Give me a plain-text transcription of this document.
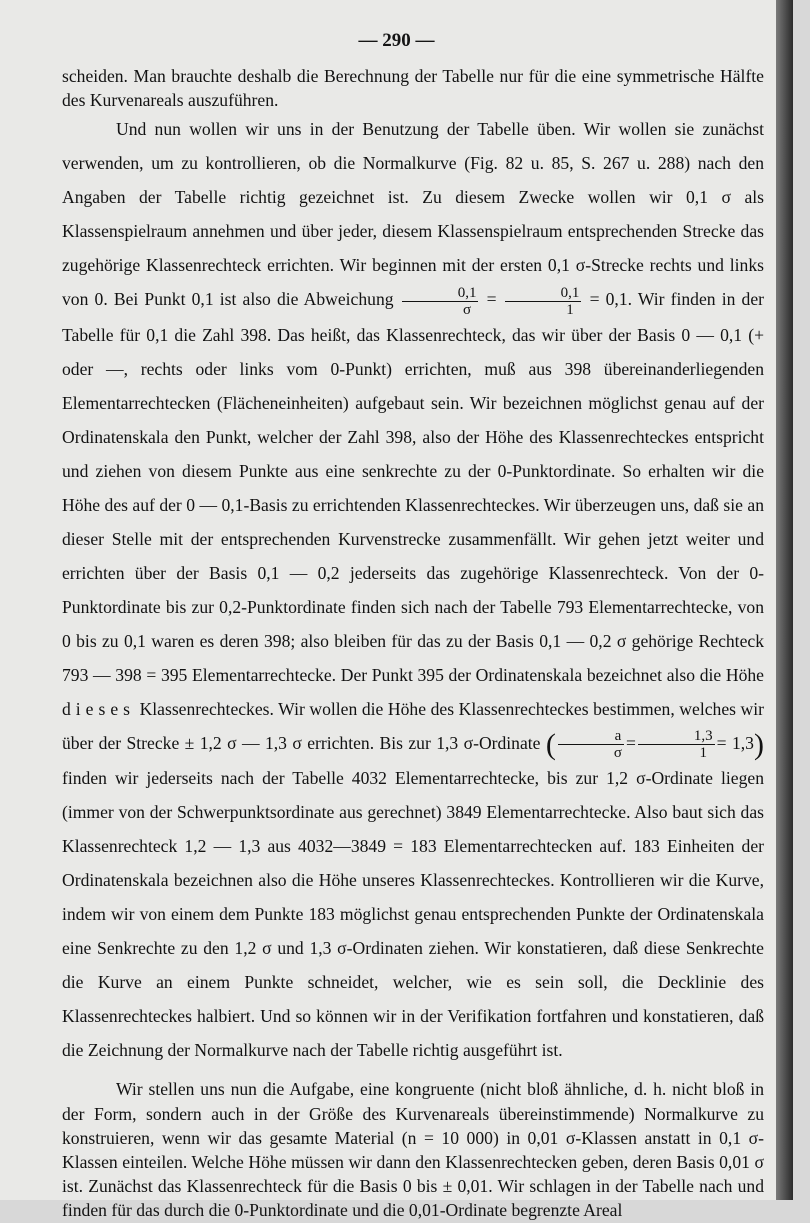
— 290 —

scheiden. Man brauchte deshalb die Berechnung der Tabelle nur für die eine symmetrische Hälfte des Kurvenareals auszuführen.

Und nun wollen wir uns in der Benutzung der Tabelle üben. Wir wollen sie zunächst verwenden, um zu kontrollieren, ob die Normalkurve (Fig. 82 u. 85, S. 267 u. 288) nach den Angaben der Tabelle richtig gezeichnet ist. Zu diesem Zwecke wollen wir 0,1 σ als Klassenspielraum annehmen und über jeder, diesem Klassenspielraum entsprechenden Strecke das zugehörige Klassenrechteck errichten. Wir beginnen mit der ersten 0,1 σ-Strecke rechts und links von 0. Bei Punkt 0,1 ist also die Abweichung $\frac{0,1}{\sigma} = \frac{0,1}{1} = 0,1$. Wir finden in der Tabelle für 0,1 die Zahl 398. Das heißt, das Klassenrechteck, das wir über der Basis 0 — 0,1 (+ oder —, rechts oder links vom 0-Punkt) errichten, muß aus 398 übereinanderliegenden Elementarrechtecken (Flächeneinheiten) aufgebaut sein. Wir bezeichnen möglichst genau auf der Ordinatenskala den Punkt, welcher der Zahl 398, also der Höhe des Klassenrechteckes entspricht und ziehen von diesem Punkte aus eine senkrechte zu der 0-Punktordinate. So erhalten wir die Höhe des auf der 0 — 0,1-Basis zu errichtenden Klassenrechteckes. Wir überzeugen uns, daß sie an dieser Stelle mit der entsprechenden Kurvenstrecke zusammenfällt. Wir gehen jetzt weiter und errichten über der Basis 0,1 — 0,2 jederseits das zugehörige Klassenrechteck. Von der 0-Punktordinate bis zur 0,2-Punktordinate finden sich nach der Tabelle 793 Elementarrechtecke, von 0 bis zu 0,1 waren es deren 398; also bleiben für das zu der Basis 0,1 — 0,2 σ gehörige Rechteck 793 — 398 = 395 Elementarrechtecke. Der Punkt 395 der Ordinatenskala bezeichnet also die Höhe dieses Klassenrechteckes. Wir wollen die Höhe des Klassenrechteckes bestimmen, welches wir über der Strecke ± 1,2 σ — 1,3 σ errichten. Bis zur 1,3 σ-Ordinate ( $\frac{a}{\sigma} = \frac{1,3}{1} = 1,3$) finden wir jederseits nach der Tabelle 4032 Elementarrechtecke, bis zur 1,2 σ-Ordinate liegen (immer von der Schwerpunktsordinate aus gerechnet) 3849 Elementarrechtecke. Also baut sich das Klassenrechteck 1,2 — 1,3 aus 4032—3849 = 183 Elementarrechtecken auf. 183 Einheiten der Ordinatenskala bezeichnen also die Höhe unseres Klassenrechteckes. Kontrollieren wir die Kurve, indem wir von einem dem Punkte 183 möglichst genau entsprechenden Punkte der Ordinatenskala eine Senkrechte zu den 1,2 σ und 1,3 σ-Ordinaten ziehen. Wir konstatieren, daß diese Senkrechte die Kurve an einem Punkte schneidet, welcher, wie es sein soll, die Decklinie des Klassenrechteckes halbiert. Und so können wir in der Verifikation fortfahren und konstatieren, daß die Zeichnung der Normalkurve nach der Tabelle richtig ausgeführt ist.

Wir stellen uns nun die Aufgabe, eine kongruente (nicht bloß ähnliche, d. h. nicht bloß in der Form, sondern auch in der Größe des Kurvenareals übereinstimmende) Normalkurve zu konstruieren, wenn wir das gesamte Material (n = 10 000) in 0,01 σ-Klassen anstatt in 0,1 σ-Klassen einteilen. Welche Höhe müssen wir dann den Klassenrechtecken geben, deren Basis 0,01 σ ist. Zunächst das Klassenrechteck für die Basis 0 bis ± 0,01. Wir schlagen in der Tabelle nach und finden für das durch die 0-Punktordinate und die 0,01-Ordinate begrenzte Areal
